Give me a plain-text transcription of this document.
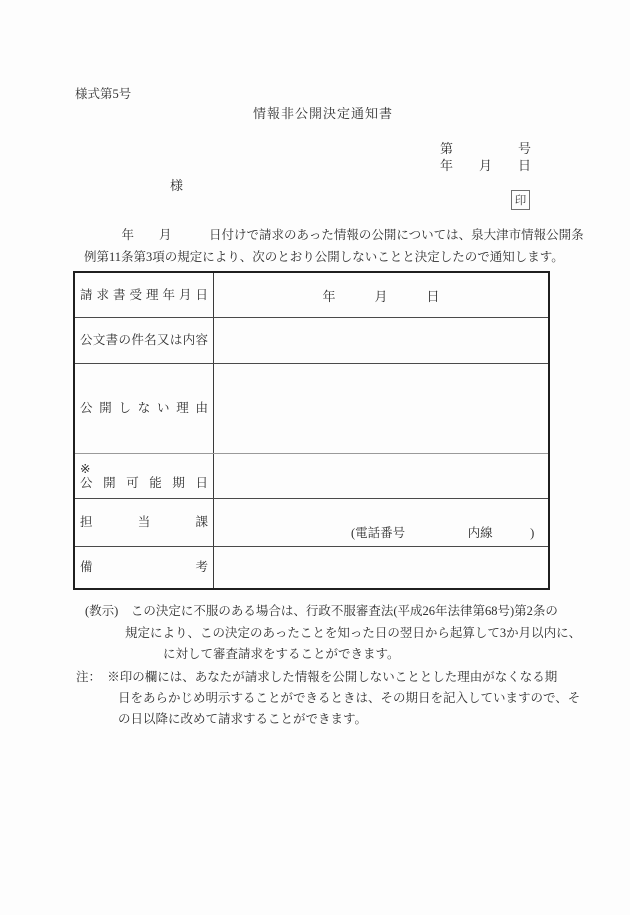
様式第5号
情報非公開決定通知書
第　　　　　号
年　　月　　日
様
印
　　　年　　月　　　日付けで請求のあった情報の公開については、泉大津市情報公開条
例第11条第3項の規定により、次のとおり公開しないことと決定したので通知します。
請求書受理年月日	年　　　月　　　日
公文書の件名又は内容
公開しない理由
※
公開可能期日
担当課
(電話番号　　　　　内線　　　)
備考
(教示)　この決定に不服のある場合は、行政不服審査法(平成26年法律第68号)第2条の
規定により、この決定のあったことを知った日の翌日から起算して3か月以内に、
に対して審査請求をすることができます。
注：　※印の欄には、あなたが請求した情報を公開しないこととした理由がなくなる期
日をあらかじめ明示することができるときは、その期日を記入していますので、そ
の日以降に改めて請求することができます。
